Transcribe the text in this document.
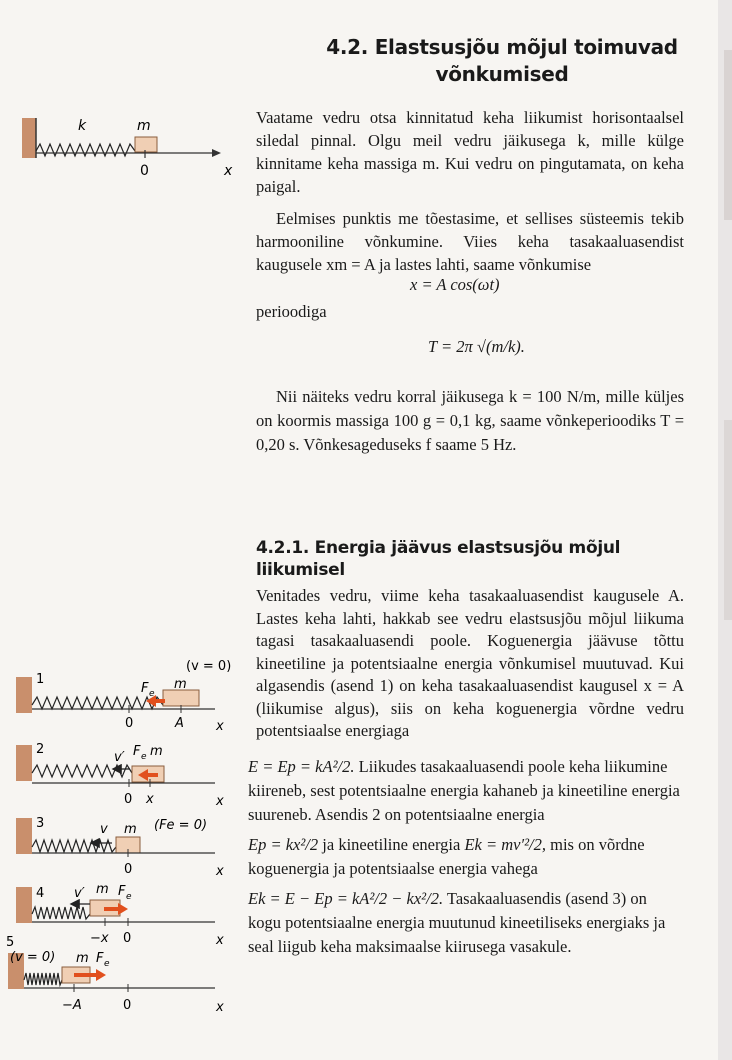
4.2. Elastsusjõu mõjul toimuvad
võnkumised
k	m
0	x
Vaatame vedru otsa kinnitatud keha liikumist horisontaalsel siledal pinnal. Olgu meil vedru jäikusega k, mille külge kinnitame keha massiga m. Kui vedru on pingutamata, on keha paigal.
Eelmises punktis me tõestasime, et sellises süsteemis tekib harmooniline võnkumine. Viies keha tasakaaluasendist kaugusele xm = A ja lastes lahti, saame võnkumise
x = A cos(ωt)
perioodiga
T = 2π √(m/k).
Nii näiteks vedru korral jäikusega k = 100 N/m, mille küljes on koormis massiga 100 g = 0,1 kg, saame võnkeperioodiks T = 0,20 s. Võnkesageduseks f saame 5 Hz.
4.2.1. Energia jäävus elastsusjõu mõjul
liikumisel
Venitades vedru, viime keha tasakaaluasendist kaugusele A. Lastes keha lahti, hakkab see vedru elastsusjõu mõjul liikuma tagasi tasakaaluasendi poole. Koguenergia jäävuse tõttu kineetiline ja potentsiaalne energia võnkumisel muutuvad. Kui algasendis (asend 1) on keha tasakaaluasendist kaugusel x = A (liikumise algus), siis on keha koguenergia võrdne vedru potentsiaalse energiaga
E = Ep = kA²/2. Liikudes tasakaaluasendi poole keha liikumine kiireneb, sest potentsiaalne energia kahaneb ja kineetiline energia suureneb. Asendis 2 on potentsiaalne energia
Ep = kx²/2 ja kineetiline energia Ek = mv′²/2, mis on võrdne koguenergia ja potentsiaalse energia vahega
Ek = E − Ep = kA²/2 − kx²/2. Tasakaaluasendis (asend 3) on kogu potentsiaalne energia muutunud kineetiliseks energiaks ja seal liigub keha maksimaalse kiirusega vasakule.
1
(v = 0)
m
F e
0	A x
2
v′ F e m
0 x	x
3	v m (Fe = 0)
0	x
4 v′ m F e
−x 0	x
5
(v = 0) m F e
−A	0	x
